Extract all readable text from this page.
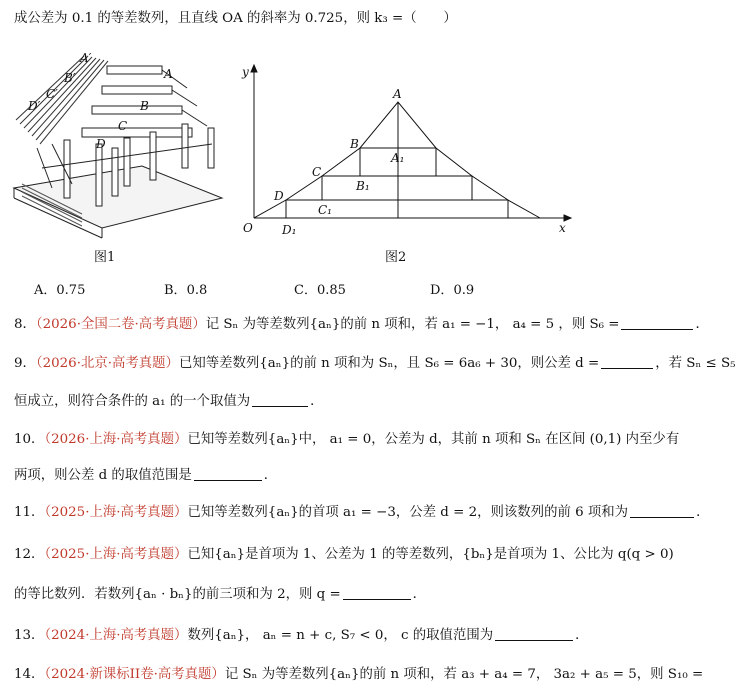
成公差为 0.1 的等差数列，且直线 OA 的斜率为 0.725，则 k₃ =（　　）
A′
B′
C′
D′
A
B
C
D
图1
O	x
y
A
A₁
B
B₁
C
C₁
D
D₁
图2
A．0.75	B．0.8	C．0.85	D．0.9
8．（2026·全国二卷·高考真题）记 Sₙ 为等差数列{aₙ}的前 n 项和，若 a₁ = −1， a₄ = 5 ，则 S₆ =	．
9．（2026·北京·高考真题）已知等差数列{aₙ}的前 n 项和为 Sₙ，且 S₆ = 6a₆ + 30，则公差 d =	，若 Sₙ ≤ S₅
恒成立，则符合条件的 a₁ 的一个取值为	．
10．（2026·上海·高考真题）已知等差数列{aₙ}中， a₁ = 0，公差为 d，其前 n 项和 Sₙ 在区间 (0,1) 内至少有
两项，则公差 d 的取值范围是	．
11．（2025·上海·高考真题）已知等差数列{aₙ}的首项 a₁ = −3，公差 d = 2，则该数列的前 6 项和为	．
12．（2025·上海·高考真题）已知{aₙ}是首项为 1、公差为 1 的等差数列，{bₙ}是首项为 1、公比为 q(q > 0)
的等比数列．若数列{aₙ · bₙ}的前三项和为 2，则 q =	．
13．（2024·上海·高考真题）数列{aₙ}， aₙ = n + c, S₇ < 0， c 的取值范围为	．
14．（2024·新课标II卷·高考真题）记 Sₙ 为等差数列{aₙ}的前 n 项和，若 a₃ + a₄ = 7， 3a₂ + a₅ = 5，则 S₁₀ =
